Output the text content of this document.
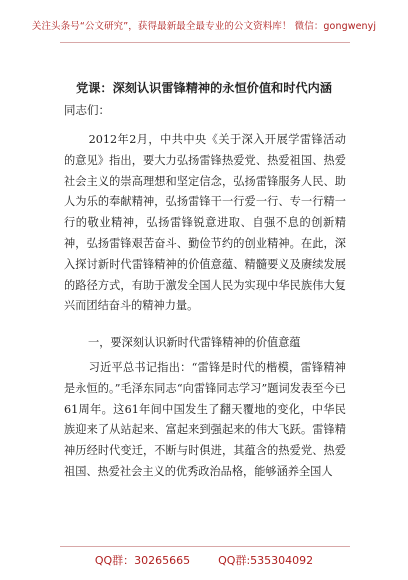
关注头条号“公文研究”，获得最新最全最专业的公文资料库！ 微信：gongwenyj
党课：深刻认识雷锋精神的永恒价值和时代内涵
同志们：

2012年2月，中共中央《关于深入开展学雷锋活动的意见》指出，要大力弘扬雷锋热爱党、热爱祖国、热爱社会主义的崇高理想和坚定信念，弘扬雷锋服务人民、助人为乐的奉献精神，弘扬雷锋干一行爱一行、专一行精一行的敬业精神，弘扬雷锋锐意进取、自强不息的创新精神，弘扬雷锋艰苦奋斗、勤俭节约的创业精神。在此，深入探讨新时代雷锋精神的价值意蕴、精髓要义及赓续发展的路径方式，有助于激发全国人民为实现中华民族伟大复兴而团结奋斗的精神力量。

一，要深刻认识新时代雷锋精神的价值意蕴

习近平总书记指出：“雷锋是时代的楷模，雷锋精神是永恒的。”毛泽东同志“向雷锋同志学习”题词发表至今已61周年。这61年间中国发生了翻天覆地的变化，中华民族迎来了从站起来、富起来到强起来的伟大飞跃。雷锋精神历经时代变迁，不断与时俱进，其蕴含的热爱党、热爱祖国、热爱社会主义的优秀政治品格，能够涵养全国人

QQ群：30265665	QQ群:535304092
